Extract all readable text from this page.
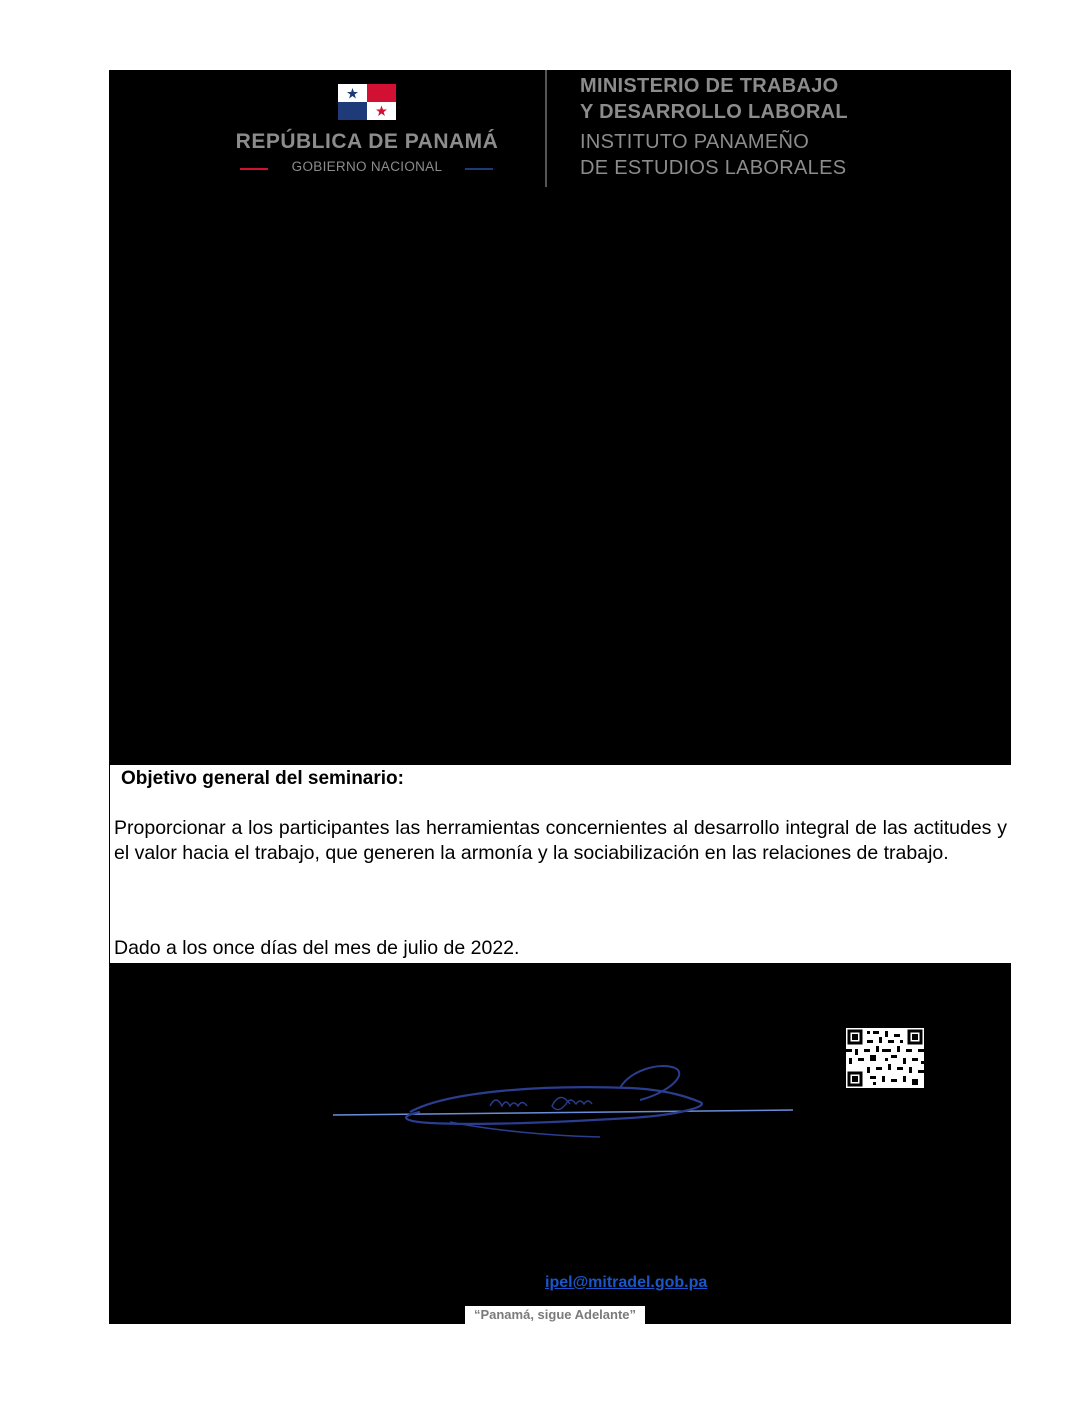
REPÚBLICA DE PANAMÁ
GOBIERNO NACIONAL
MINISTERIO DE TRABAJO
Y DESARROLLO LABORAL
INSTITUTO PANAMEÑO
DE ESTUDIOS LABORALES
Objetivo general del seminario:
Proporcionar a los participantes las herramientas concernientes al desarrollo integral de las actitudes y el valor hacia el trabajo, que generen la armonía y la sociabilización en las relaciones de trabajo.
Dado a los once días del mes de julio de 2022.
ipel@mitradel.gob.pa
“Panamá, sigue Adelante”
